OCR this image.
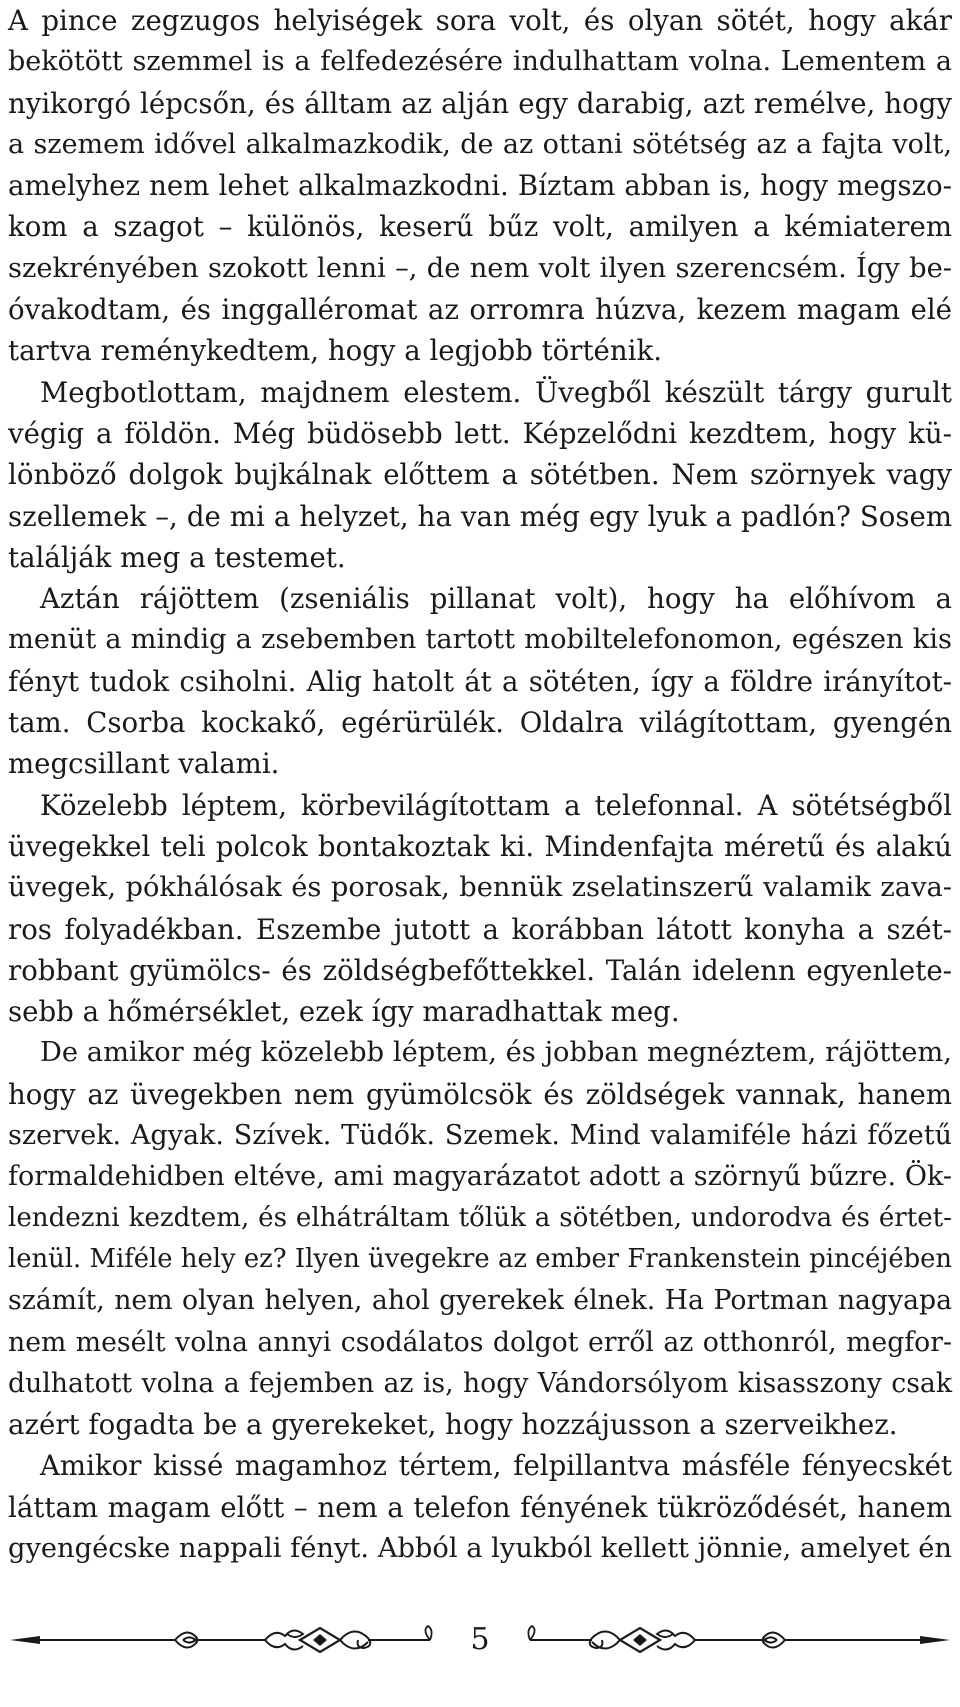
A pince zegzugos helyiségek sora volt, és olyan sötét, hogy akár
bekötött szemmel is a felfedezésére indulhattam volna. Lementem a
nyikorgó lépcsőn, és álltam az alján egy darabig, azt remélve, hogy
a szemem idővel alkalmazkodik, de az ottani sötétség az a fajta volt,
amelyhez nem lehet alkalmazkodni. Bíztam abban is, hogy megszo-
kom a szagot – különös, keserű bűz volt, amilyen a kémiaterem
szekrényében szokott lenni –, de nem volt ilyen szerencsém. Így be-
óvakodtam, és inggalléromat az orromra húzva, kezem magam elé
tartva reménykedtem, hogy a legjobb történik.
Megbotlottam, majdnem elestem. Üvegből készült tárgy gurult
végig a földön. Még büdösebb lett. Képzelődni kezdtem, hogy kü-
lönböző dolgok bujkálnak előttem a sötétben. Nem szörnyek vagy
szellemek –, de mi a helyzet, ha van még egy lyuk a padlón? Sosem
találják meg a testemet.
Aztán rájöttem (zseniális pillanat volt), hogy ha előhívom a
menüt a mindig a zsebemben tartott mobiltelefonomon, egészen kis
fényt tudok csiholni. Alig hatolt át a sötéten, így a földre irányítot-
tam. Csorba kockakő, egérürülék. Oldalra világítottam, gyengén
megcsillant valami.
Közelebb léptem, körbevilágítottam a telefonnal. A sötétségből
üvegekkel teli polcok bontakoztak ki. Mindenfajta méretű és alakú
üvegek, pókhálósak és porosak, bennük zselatinszerű valamik zava-
ros folyadékban. Eszembe jutott a korábban látott konyha a szét-
robbant gyümölcs- és zöldségbefőttekkel. Talán idelenn egyenlete-
sebb a hőmérséklet, ezek így maradhattak meg.
De amikor még közelebb léptem, és jobban megnéztem, rájöttem,
hogy az üvegekben nem gyümölcsök és zöldségek vannak, hanem
szervek. Agyak. Szívek. Tüdők. Szemek. Mind valamiféle házi főzetű
formaldehidben eltéve, ami magyarázatot adott a szörnyű bűzre. Ök-
lendezni kezdtem, és elhátráltam tőlük a sötétben, undorodva és értet-
lenül. Miféle hely ez? Ilyen üvegekre az ember Frankenstein pincéjében
számít, nem olyan helyen, ahol gyerekek élnek. Ha Portman nagyapa
nem mesélt volna annyi csodálatos dolgot erről az otthonról, megfor-
dulhatott volna a fejemben az is, hogy Vándorsólyom kisasszony csak
azért fogadta be a gyerekeket, hogy hozzájusson a szerveikhez.
Amikor kissé magamhoz tértem, felpillantva másféle fényecskét
láttam magam előtt – nem a telefon fényének tükröződését, hanem
gyengécske nappali fényt. Abból a lyukból kellett jönnie, amelyet én
5
